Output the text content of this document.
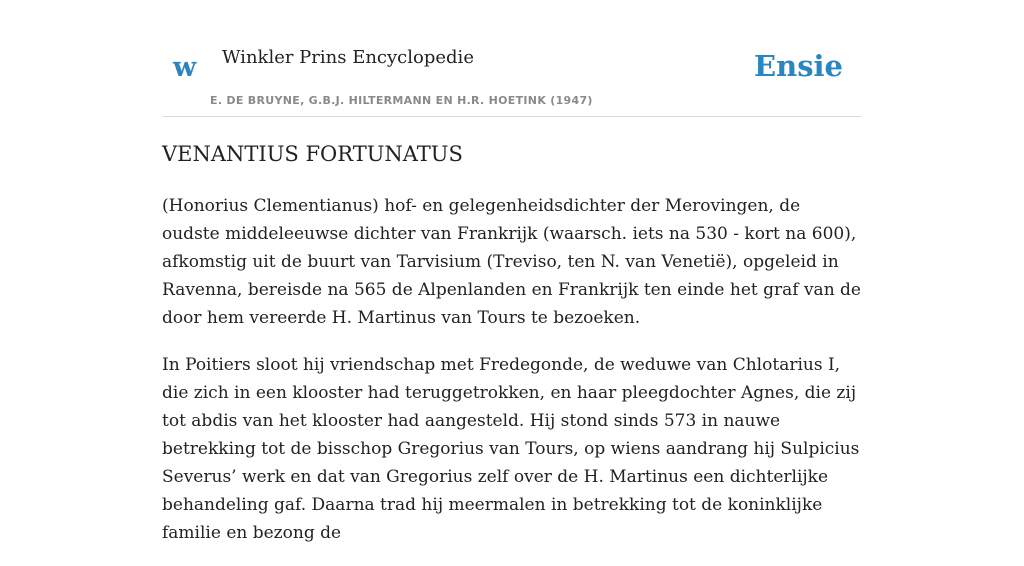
w Winkler Prins Encyclopedie
E. DE BRUYNE, G.B.J. HILTERMANN EN H.R. HOETINK (1947)
Ensie
VENANTIUS FORTUNATUS

(Honorius Clementianus) hof- en gelegenheidsdichter der Merovingen, de oudste middeleeuwse dichter van Frankrijk (waarsch. iets na 530 - kort na 600), afkomstig uit de buurt van Tarvisium (Treviso, ten N. van Venetië), opgeleid in Ravenna, bereisde na 565 de Alpenlanden en Frankrijk ten einde het graf van de door hem vereerde H. Martinus van Tours te bezoeken.

In Poitiers sloot hij vriendschap met Fredegonde, de weduwe van Chlotarius I, die zich in een klooster had teruggetrokken, en haar pleegdochter Agnes, die zij tot abdis van het klooster had aangesteld. Hij stond sinds 573 in nauwe betrekking tot de bisschop Gregorius van Tours, op wiens aandrang hij Sulpicius Severus’ werk en dat van Gregorius zelf over de H. Martinus een dichterlijke behandeling gaf. Daarna trad hij meermalen in betrekking tot de koninklijke familie en bezong de
